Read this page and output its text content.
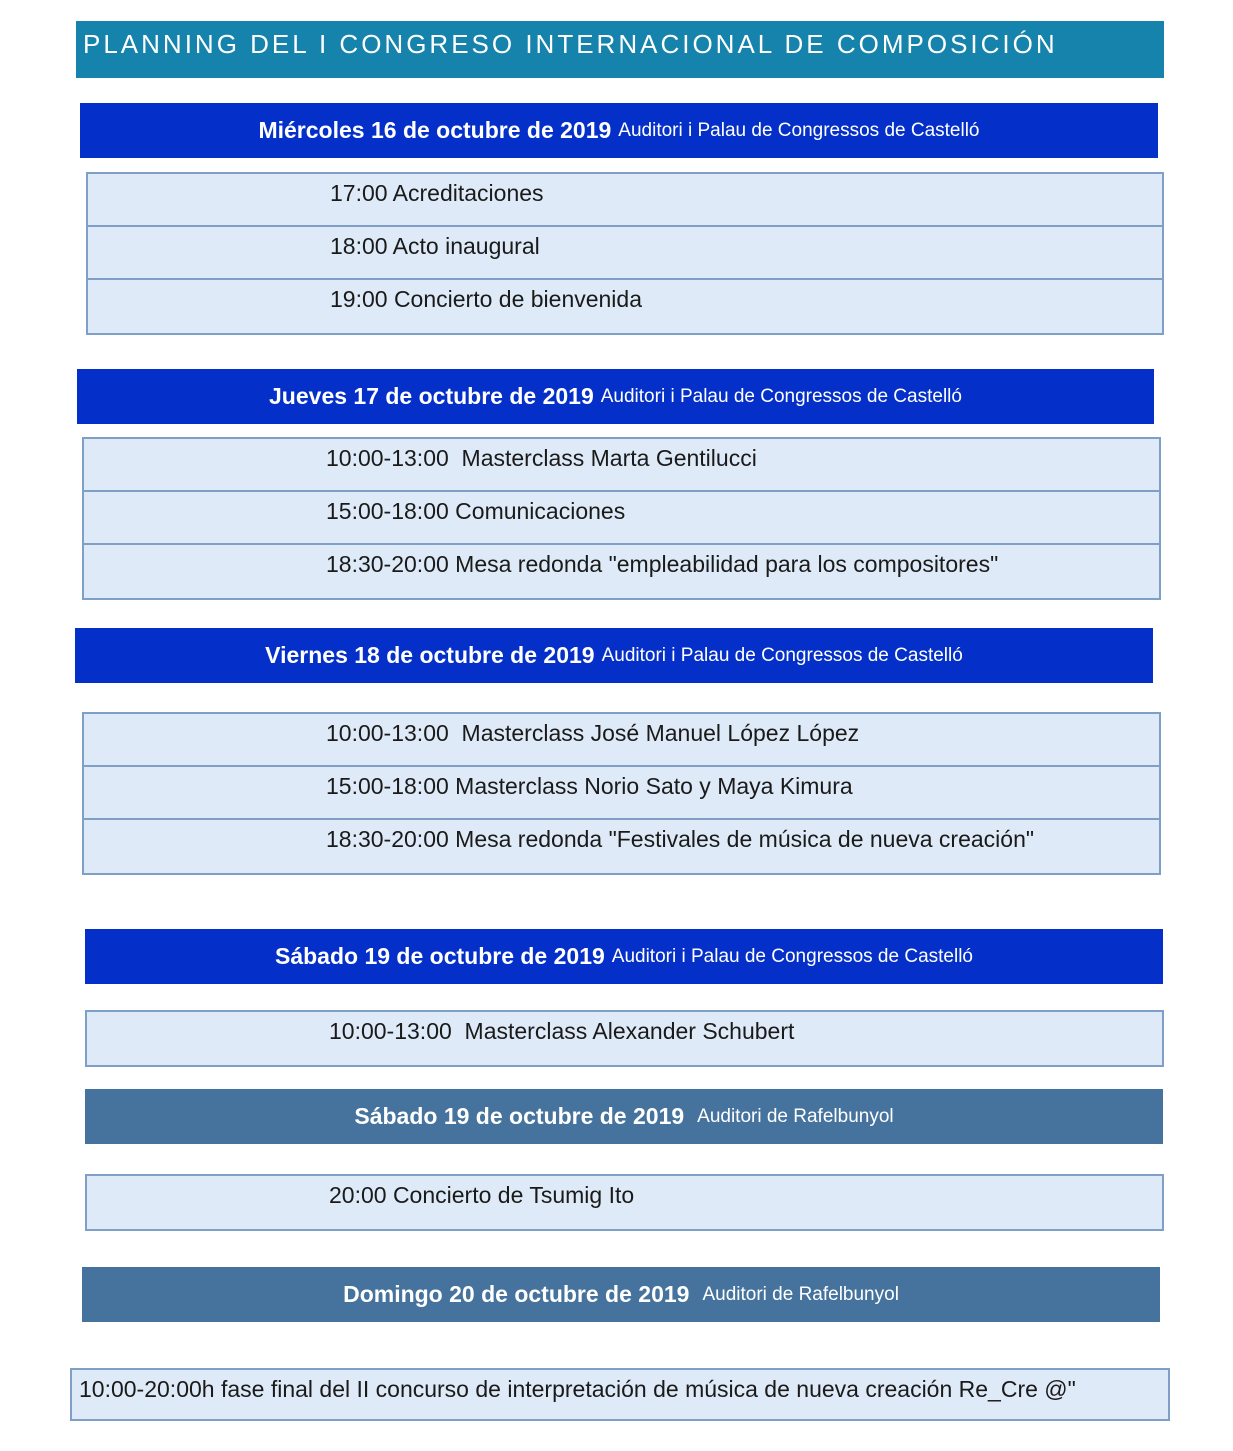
PLANNING DEL I CONGRESO INTERNACIONAL DE COMPOSICIÓN
Miércoles 16 de octubre de 2019 Auditori i Palau de Congressos de Castelló
17:00 Acreditaciones
18:00 Acto inaugural
19:00 Concierto de bienvenida
Jueves 17 de octubre de 2019 Auditori i Palau de Congressos de Castelló
10:00-13:00  Masterclass Marta Gentilucci
15:00-18:00 Comunicaciones
18:30-20:00 Mesa redonda "empleabilidad para los compositores"
Viernes 18 de octubre de 2019 Auditori i Palau de Congressos de Castelló
10:00-13:00  Masterclass José Manuel López López
15:00-18:00 Masterclass Norio Sato y Maya Kimura
18:30-20:00 Mesa redonda "Festivales de música de nueva creación"
Sábado 19 de octubre de 2019 Auditori i Palau de Congressos de Castelló
10:00-13:00  Masterclass Alexander Schubert
Sábado 19 de octubre de 2019 Auditori de Rafelbunyol
20:00 Concierto de Tsumig Ito
Domingo 20 de octubre de 2019 Auditori de Rafelbunyol
10:00-20:00h fase final del II concurso de interpretación de música de nueva creación Re_Cre @"
